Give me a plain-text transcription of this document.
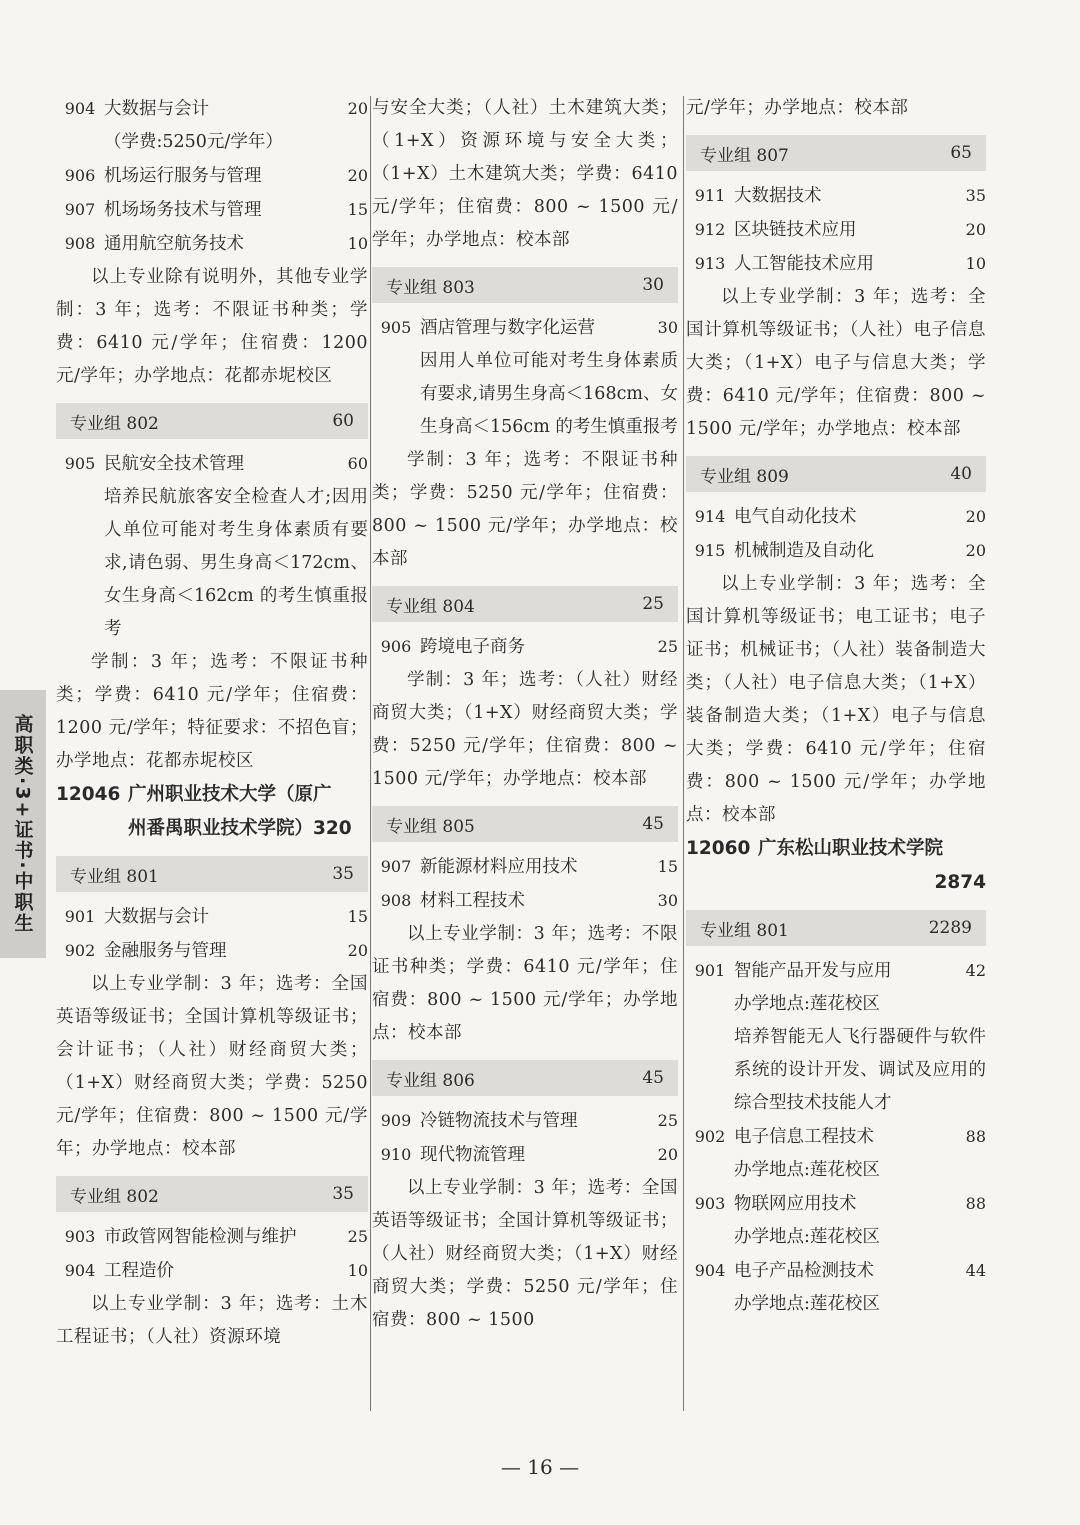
高职类·3+证书·中职生
904 大数据与会计	20
（学费:5250元/学年）
906 机场运行服务与管理	20
907 机场场务技术与管理	15
908 通用航空航务技术	10
以上专业除有说明外，其他专业学制：3 年；选考：不限证书种类；学费：6410 元/学年；住宿费：1200 元/学年；办学地点：花都赤坭校区
专业组 802	60
905 民航安全技术管理	60
培养民航旅客安全检查人才;因用人单位可能对考生身体素质有要求,请色弱、男生身高＜172cm、女生身高＜162cm 的考生慎重报考
学制：3 年；选考：不限证书种类；学费：6410 元/学年；住宿费：1200 元/学年；特征要求：不招色盲；办学地点：花都赤坭校区
12046 广州职业技术大学（原广
州番禺职业技术学院）320
专业组 801	35
901 大数据与会计	15
902 金融服务与管理	20
以上专业学制：3 年；选考：全国英语等级证书；全国计算机等级证书；会计证书；（人社）财经商贸大类；（1+X）财经商贸大类；学费：5250 元/学年；住宿费：800 ~ 1500 元/学年；办学地点：校本部
专业组 802	35
903 市政管网智能检测与维护	25
904 工程造价	10
以上专业学制：3 年；选考：土木工程证书；（人社）资源环境
与安全大类；（人社）土木建筑大类；（1+X）资源环境与安全大类；（1+X）土木建筑大类；学费：6410 元/学年；住宿费：800 ~ 1500 元/学年；办学地点：校本部
专业组 803	30
905 酒店管理与数字化运营	30
因用人单位可能对考生身体素质有要求,请男生身高＜168cm、女生身高＜156cm 的考生慎重报考
学制：3 年；选考：不限证书种类；学费：5250 元/学年；住宿费：800 ~ 1500 元/学年；办学地点：校本部
专业组 804	25
906 跨境电子商务	25
学制：3 年；选考：（人社）财经商贸大类；（1+X）财经商贸大类；学费：5250 元/学年；住宿费：800 ~ 1500 元/学年；办学地点：校本部
专业组 805	45
907 新能源材料应用技术	15
908 材料工程技术	30
以上专业学制：3 年；选考：不限证书种类；学费：6410 元/学年；住宿费：800 ~ 1500 元/学年；办学地点：校本部
专业组 806	45
909 冷链物流技术与管理	25
910 现代物流管理	20
以上专业学制：3 年；选考：全国英语等级证书；全国计算机等级证书；（人社）财经商贸大类；（1+X）财经商贸大类；学费：5250 元/学年；住宿费：800 ~ 1500
元/学年；办学地点：校本部
专业组 807	65
911 大数据技术	35
912 区块链技术应用	20
913 人工智能技术应用	10
以上专业学制：3 年；选考：全国计算机等级证书；（人社）电子信息大类；（1+X）电子与信息大类；学费：6410 元/学年；住宿费：800 ~ 1500 元/学年；办学地点：校本部
专业组 809	40
914 电气自动化技术	20
915 机械制造及自动化	20
以上专业学制：3 年；选考：全国计算机等级证书；电工证书；电子证书；机械证书；（人社）装备制造大类；（人社）电子信息大类；（1+X）装备制造大类；（1+X）电子与信息大类；学费：6410 元/学年；住宿费：800 ~ 1500 元/学年；办学地点：校本部
12060 广东松山职业技术学院
2874
专业组 801	2289
901 智能产品开发与应用	42
办学地点:莲花校区
培养智能无人飞行器硬件与软件系统的设计开发、调试及应用的综合型技术技能人才
902 电子信息工程技术	88
办学地点:莲花校区
903 物联网应用技术	88
办学地点:莲花校区
904 电子产品检测技术	44
办学地点:莲花校区
— 16 —
